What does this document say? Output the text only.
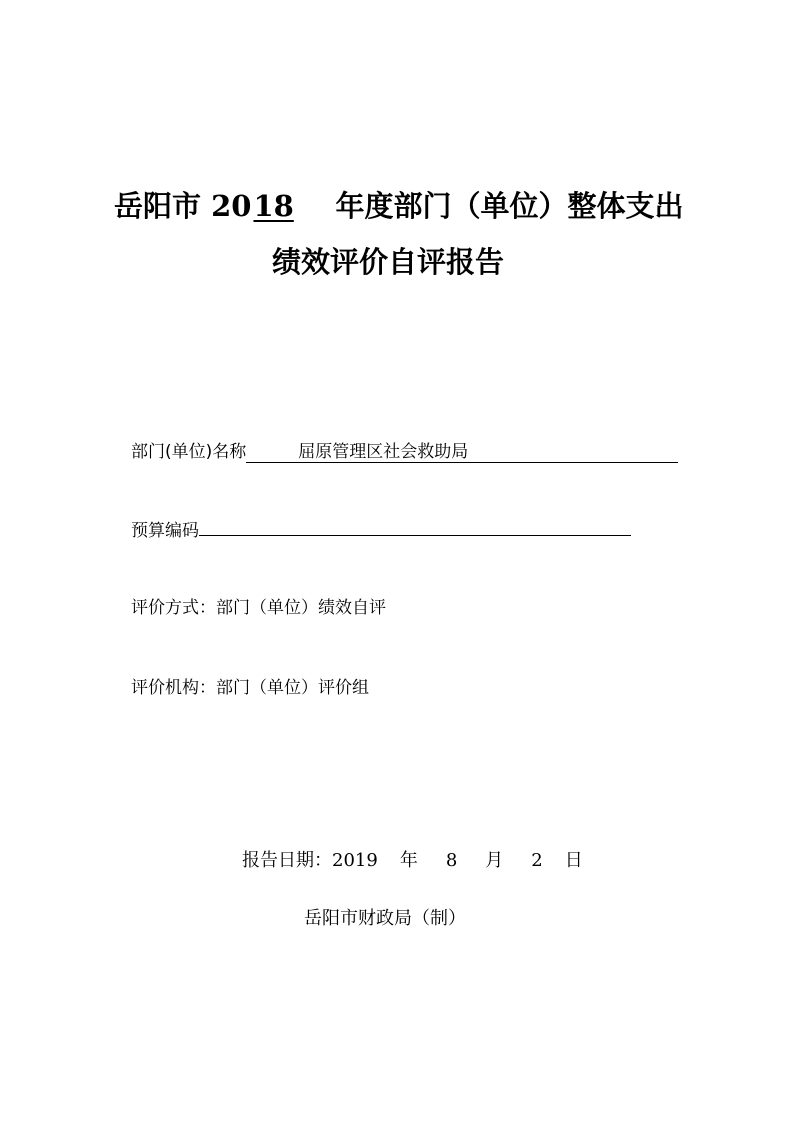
岳阳市 2018 年度部门（单位）整体支出
绩效评价自评报告
部门(单位)名称	屈原管理区社会救助局
预算编码
评价方式：部门（单位）绩效自评
评价机构：部门（单位）评价组
报告日期：2019 年 8 月 2 日
岳阳市财政局（制）
